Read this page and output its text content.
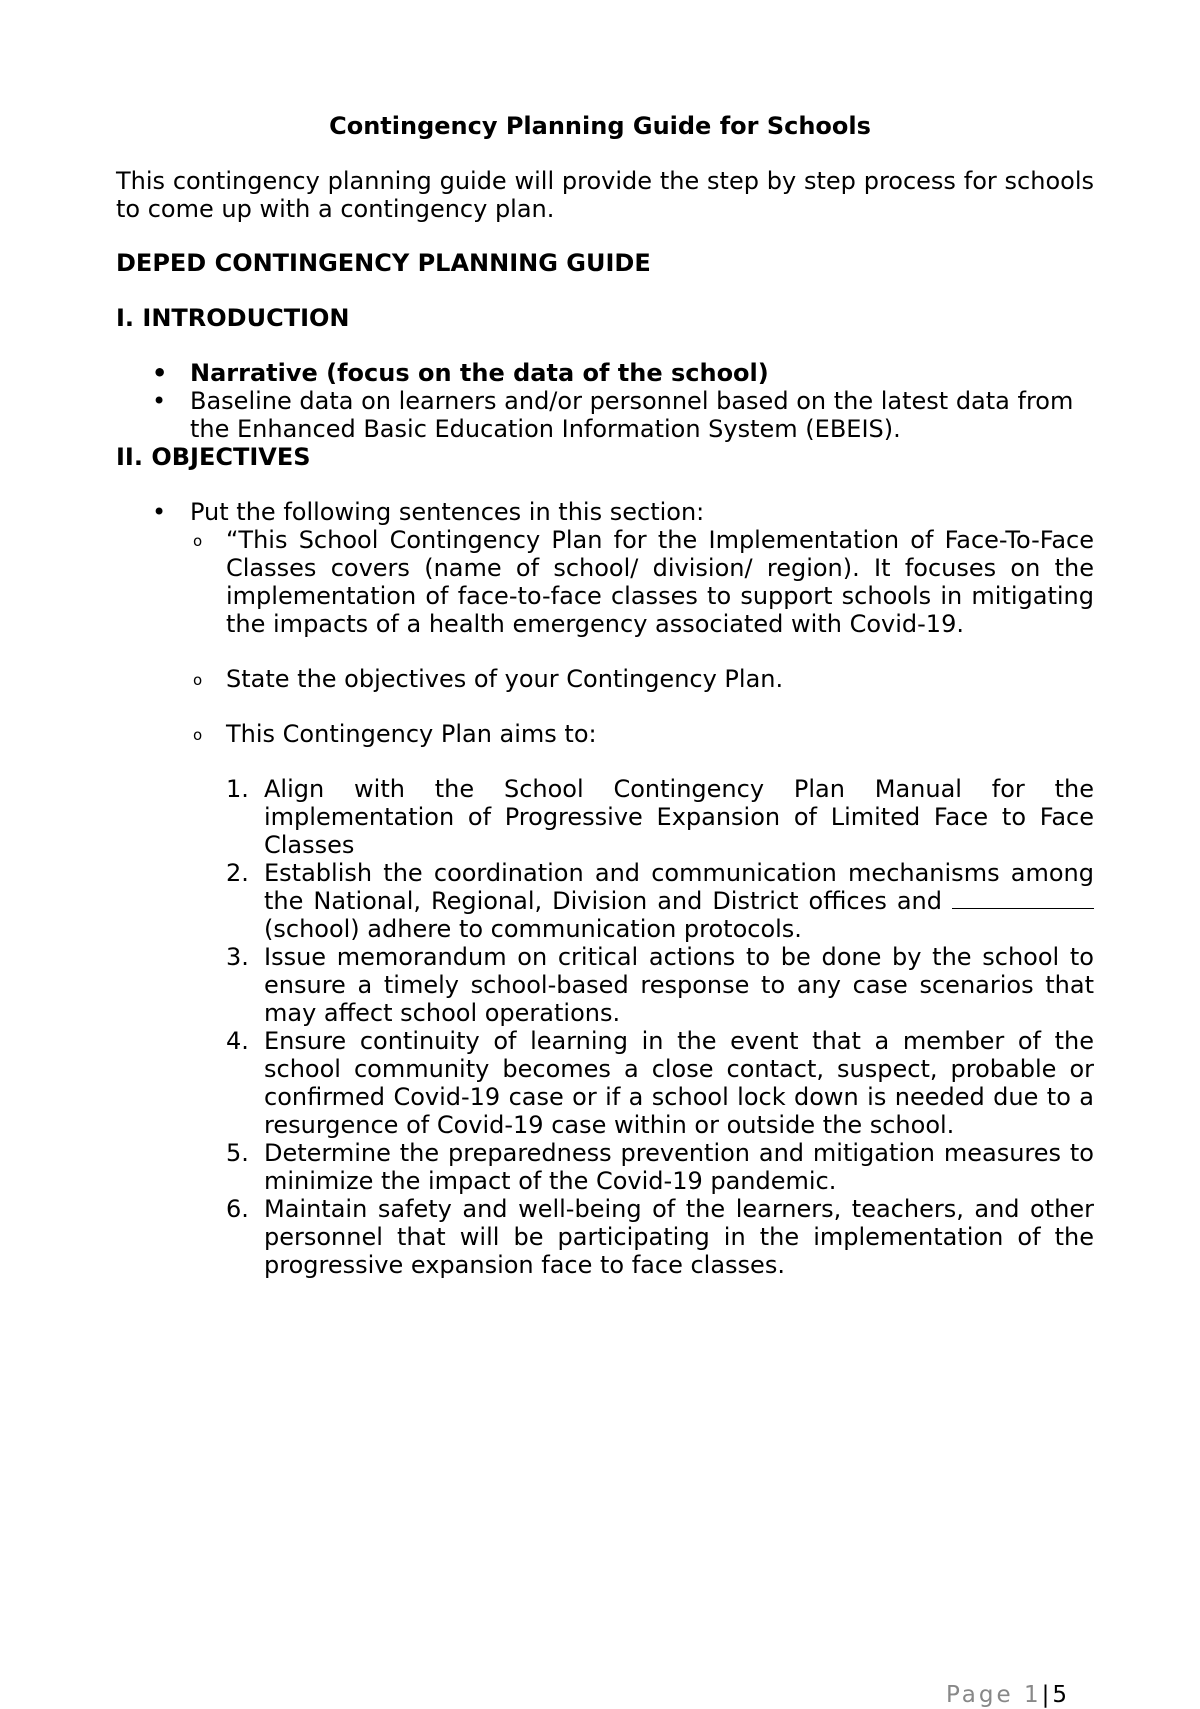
Contingency Planning Guide for Schools

This contingency planning guide will provide the step by step process for schools to come up with a contingency plan.

DEPED CONTINGENCY PLANNING GUIDE

I. INTRODUCTION

• Narrative (focus on the data of the school)
• Baseline data on learners and/or personnel based on the latest data from the Enhanced Basic Education Information System (EBEIS).

II. OBJECTIVES

• Put the following sentences in this section:
o “This School Contingency Plan for the Implementation of Face-To-Face Classes covers (name of school/ division/ region). It focuses on the implementation of face-to-face classes to support schools in mitigating the impacts of a health emergency associated with Covid-19.
o State the objectives of your Contingency Plan.
o This Contingency Plan aims to:
1. Align with the School Contingency Plan Manual for the implementation of Progressive Expansion of Limited Face to Face Classes
2. Establish the coordination and communication mechanisms among the National, Regional, Division and District offices and  (school) adhere to communication protocols.
3. Issue memorandum on critical actions to be done by the school to ensure a timely school-based response to any case scenarios that may affect school operations.
4. Ensure continuity of learning in the event that a member of the school community becomes a close contact, suspect, probable or confirmed Covid-19 case or if a school lock down is needed due to a resurgence of Covid-19 case within or outside the school.
5. Determine the preparedness prevention and mitigation measures to minimize the impact of the Covid-19 pandemic.
6. Maintain safety and well-being of the learners, teachers, and other personnel that will be participating in the implementation of the progressive expansion face to face classes.
Page 1|5
